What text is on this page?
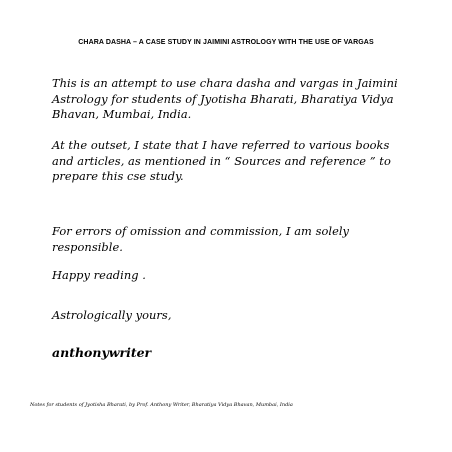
CHARA DASHA – A CASE STUDY IN JAIMINI ASTROLOGY WITH THE USE OF VARGAS
This is an attempt to use chara dasha and vargas in Jaimini Astrology for students of Jyotisha Bharati, Bharatiya Vidya Bhavan, Mumbai, India.
At the outset, I state that I have referred to various books and articles, as mentioned in “ Sources and reference ” to prepare this cse study.
For errors of omission and commission, I am solely responsible.
Happy reading .
Astrologically yours,
anthonywriter
Notes for students of Jyotisha Bharati, by Prof. Anthony Writer, Bharatiya Vidya Bhavan, Mumbai, India
